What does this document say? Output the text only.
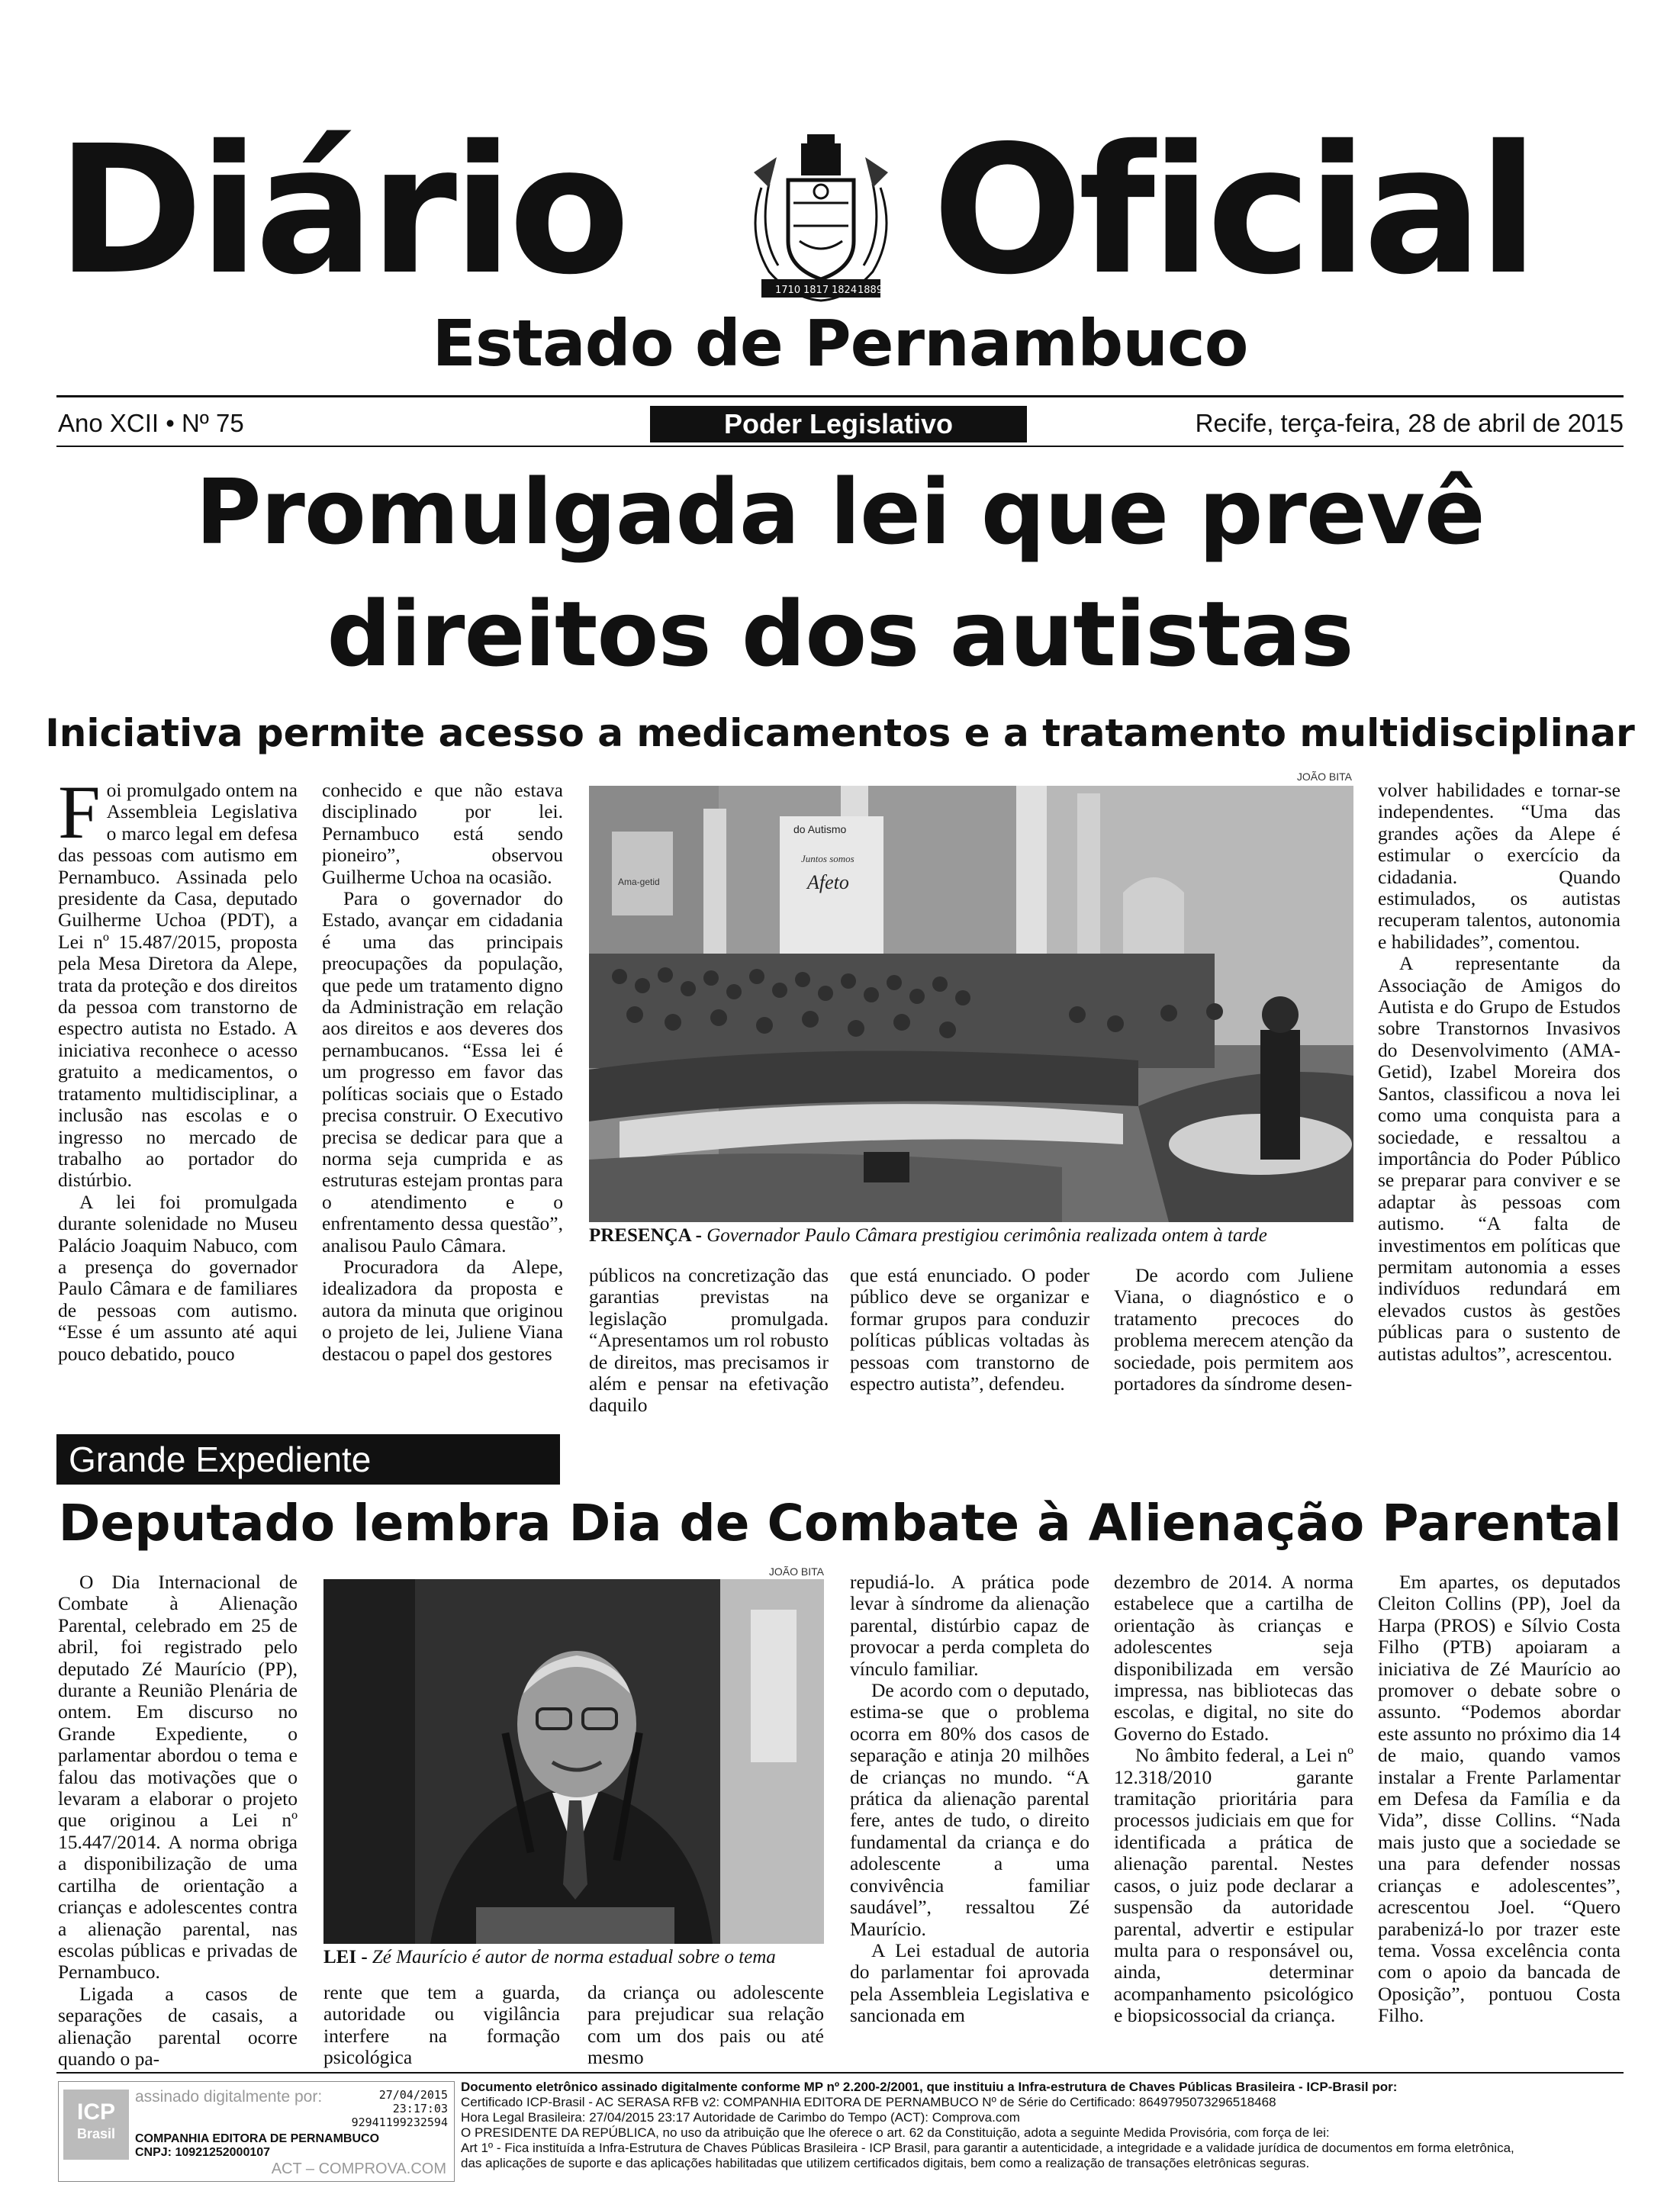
Diário Oficial
1710 1817 1824 1889
Estado de Pernambuco
Ano XCII • Nº 75	Poder Legislativo	Recife, terça-feira, 28 de abril de 2015
Promulgada lei que prevê
direitos dos autistas
Iniciativa permite acesso a medicamentos e a tratamento multidisciplinar

Foi promulgado ontem na Assembleia Legislativa o marco legal em defesa das pessoas com autismo em Pernambuco. Assinada pelo presidente da Casa, deputado Guilherme Uchoa (PDT), a Lei nº 15.487/2015, proposta pela Mesa Diretora da Alepe, trata da proteção e dos direitos da pessoa com transtorno de espectro autista no Estado. A iniciativa reconhece o acesso gratuito a medicamentos, o tratamento multidisciplinar, a inclusão nas escolas e o ingresso no mercado de trabalho ao portador do distúrbio.

A lei foi promulgada durante solenidade no Museu Palácio Joaquim Nabuco, com a presença do governador Paulo Câmara e de familiares de pessoas com autismo. “Esse é um assunto até aqui pouco debatido, pouco

conhecido e que não estava disciplinado por lei. Pernambuco está sendo pioneiro”, observou Guilherme Uchoa na ocasião.

Para o governador do Estado, avançar em cidadania é uma das principais preocupações da população, que pede um tratamento digno da Administração em relação aos direitos e aos deveres dos pernambucanos. “Essa lei é um progresso em favor das políticas sociais que o Estado precisa construir. O Executivo precisa se dedicar para que a norma seja cumprida e as estruturas estejam prontas para o atendimento e o enfrentamento dessa questão”, analisou Paulo Câmara.

Procuradora da Alepe, idealizadora da proposta e autora da minuta que originou o projeto de lei, Juliene Viana destacou o papel dos gestores

JOÃO BITA
do Autismo
Juntos somos
Afeto
Ama-getid
PRESENÇA - Governador Paulo Câmara prestigiou cerimônia realizada ontem à tarde

públicos na concretização das garantias previstas na legislação promulgada. “Apresentamos um rol robusto de direitos, mas precisamos ir além e pensar na efetivação daquilo

que está enunciado. O poder público deve se organizar e formar grupos para conduzir políticas públicas voltadas às pessoas com transtorno de espectro autista”, defendeu.

De acordo com Juliene Viana, o diagnóstico e o tratamento precoces do problema merecem atenção da sociedade, pois permitem aos portadores da síndrome desen-

volver habilidades e tornar-se independentes. “Uma das grandes ações da Alepe é estimular o exercício da cidadania. Quando estimulados, os autistas recuperam talentos, autonomia e habilidades”, comentou.

A representante da Associação de Amigos do Autista e do Grupo de Estudos sobre Transtornos Invasivos do Desenvolvimento (AMA-Getid), Izabel Moreira dos Santos, classificou a nova lei como uma conquista para a sociedade, e ressaltou a importância do Poder Público se preparar para conviver e se adaptar às pessoas com autismo. “A falta de investimentos em políticas que permitam autonomia a esses indivíduos redundará em elevados custos às gestões públicas para o sustento de autistas adultos”, acrescentou.

Grande Expediente
Deputado lembra Dia de Combate à Alienação Parental

O Dia Internacional de Combate à Alienação Parental, celebrado em 25 de abril, foi registrado pelo deputado Zé Maurício (PP), durante a Reunião Plenária de ontem. Em discurso no Grande Expediente, o parlamentar abordou o tema e falou das motivações que o levaram a elaborar o projeto que originou a Lei nº 15.447/2014. A norma obriga a disponibilização de uma cartilha de orientação a crianças e adolescentes contra a alienação parental, nas escolas públicas e privadas de Pernambuco.

Ligada a casos de separações de casais, a alienação parental ocorre quando o pa-

JOÃO BITA
LEI - Zé Maurício é autor de norma estadual sobre o tema

rente que tem a guarda, autoridade ou vigilância interfere na formação psicológica

da criança ou adolescente para prejudicar sua relação com um dos pais ou até mesmo

repudiá-lo. A prática pode levar à síndrome da alienação parental, distúrbio capaz de provocar a perda completa do vínculo familiar.

De acordo com o deputado, estima-se que o problema ocorra em 80% dos casos de separação e atinja 20 milhões de crianças no mundo. “A prática da alienação parental fere, antes de tudo, o direito fundamental da criança e do adolescente a uma convivência familiar saudável”, ressaltou Zé Maurício.

A Lei estadual de autoria do parlamentar foi aprovada pela Assembleia Legislativa e sancionada em

dezembro de 2014. A norma estabelece que a cartilha de orientação às crianças e adolescentes seja disponibilizada em versão impressa, nas bibliotecas das escolas, e digital, no site do Governo do Estado.

No âmbito federal, a Lei nº 12.318/2010 garante tramitação prioritária para processos judiciais em que for identificada a prática de alienação parental. Nestes casos, o juiz pode declarar a suspensão da autoridade parental, advertir e estipular multa para o responsável ou, ainda, determinar acompanhamento psicológico e biopsicossocial da criança.

Em apartes, os deputados Cleiton Collins (PP), Joel da Harpa (PROS) e Sílvio Costa Filho (PTB) apoiaram a iniciativa de Zé Maurício ao promover o debate sobre o assunto. “Podemos abordar este assunto no próximo dia 14 de maio, quando vamos instalar a Frente Parlamentar em Defesa da Família e da Vida”, disse Collins. “Nada mais justo que a sociedade se una para defender nossas crianças e adolescentes”, acrescentou Joel. “Quero parabenizá-lo por trazer este tema. Vossa excelência conta com o apoio da bancada de Oposição”, pontuou Costa Filho.

ICP
Brasil
assinado digitalmente por:	27/04/2015
23:17:03
92941199232594
COMPANHIA EDITORA DE PERNAMBUCO
CNPJ: 10921252000107
ACT – COMPROVA.COM
Documento eletrônico assinado digitalmente conforme MP nº 2.200-2/2001, que instituiu a Infra-estrutura de Chaves Públicas Brasileira - ICP-Brasil por:
Certificado ICP-Brasil - AC SERASA RFB v2: COMPANHIA EDITORA DE PERNAMBUCO Nº de Série do Certificado: 8649795073296518468
Hora Legal Brasileira: 27/04/2015 23:17 Autoridade de Carimbo do Tempo (ACT): Comprova.com
O PRESIDENTE DA REPÚBLICA, no uso da atribuição que lhe oferece o art. 62 da Constituição, adota a seguinte Medida Provisória, com força de lei:
Art 1º - Fica instituída a Infra-Estrutura de Chaves Públicas Brasileira - ICP Brasil, para garantir a autenticidade, a integridade e a validade jurídica de documentos em forma eletrônica,
das aplicações de suporte e das aplicações habilitadas que utilizem certificados digitais, bem como a realização de transações eletrônicas seguras.
